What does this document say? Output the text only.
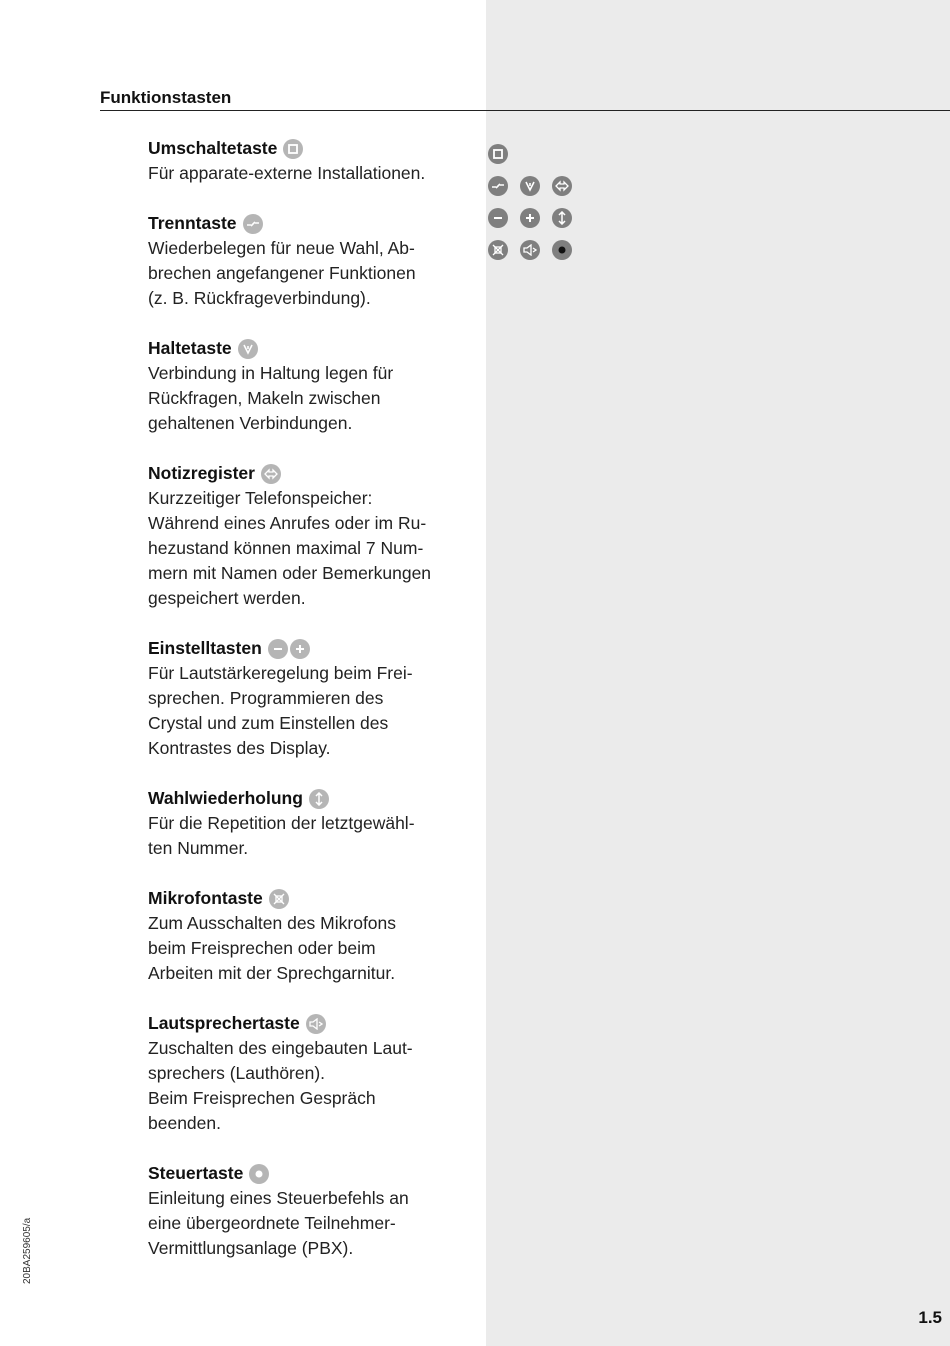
Funktionstasten
Umschaltetaste

Für apparate-externe Installationen.

Trenntaste

Wiederbelegen für neue Wahl, Ab-
brechen angefangener Funktionen
(z. B. Rückfrageverbindung).

Haltetaste

Verbindung in Haltung legen für
Rückfragen, Makeln zwischen
gehaltenen Verbindungen.

Notizregister

Kurzzeitiger Telefonspeicher:
Während eines Anrufes oder im Ru-
hezustand können maximal 7 Num-
mern mit Namen oder Bemerkungen
gespeichert werden.

Einstelltasten

Für Lautstärkeregelung beim Frei-
sprechen. Programmieren des
Crystal und zum Einstellen des
Kontrastes des Display.

Wahlwiederholung

Für die Repetition der letztgewähl-
ten Nummer.

Mikrofontaste

Zum Ausschalten des Mikrofons
beim Freisprechen oder beim
Arbeiten mit der Sprechgarnitur.

Lautsprechertaste

Zuschalten des eingebauten Laut-
sprechers (Lauthören).
Beim Freisprechen Gespräch
beenden.

Steuertaste

Einleitung eines Steuerbefehls an
eine übergeordnete Teilnehmer-
Vermittlungsanlage (PBX).

20BA259605/a
1.5
